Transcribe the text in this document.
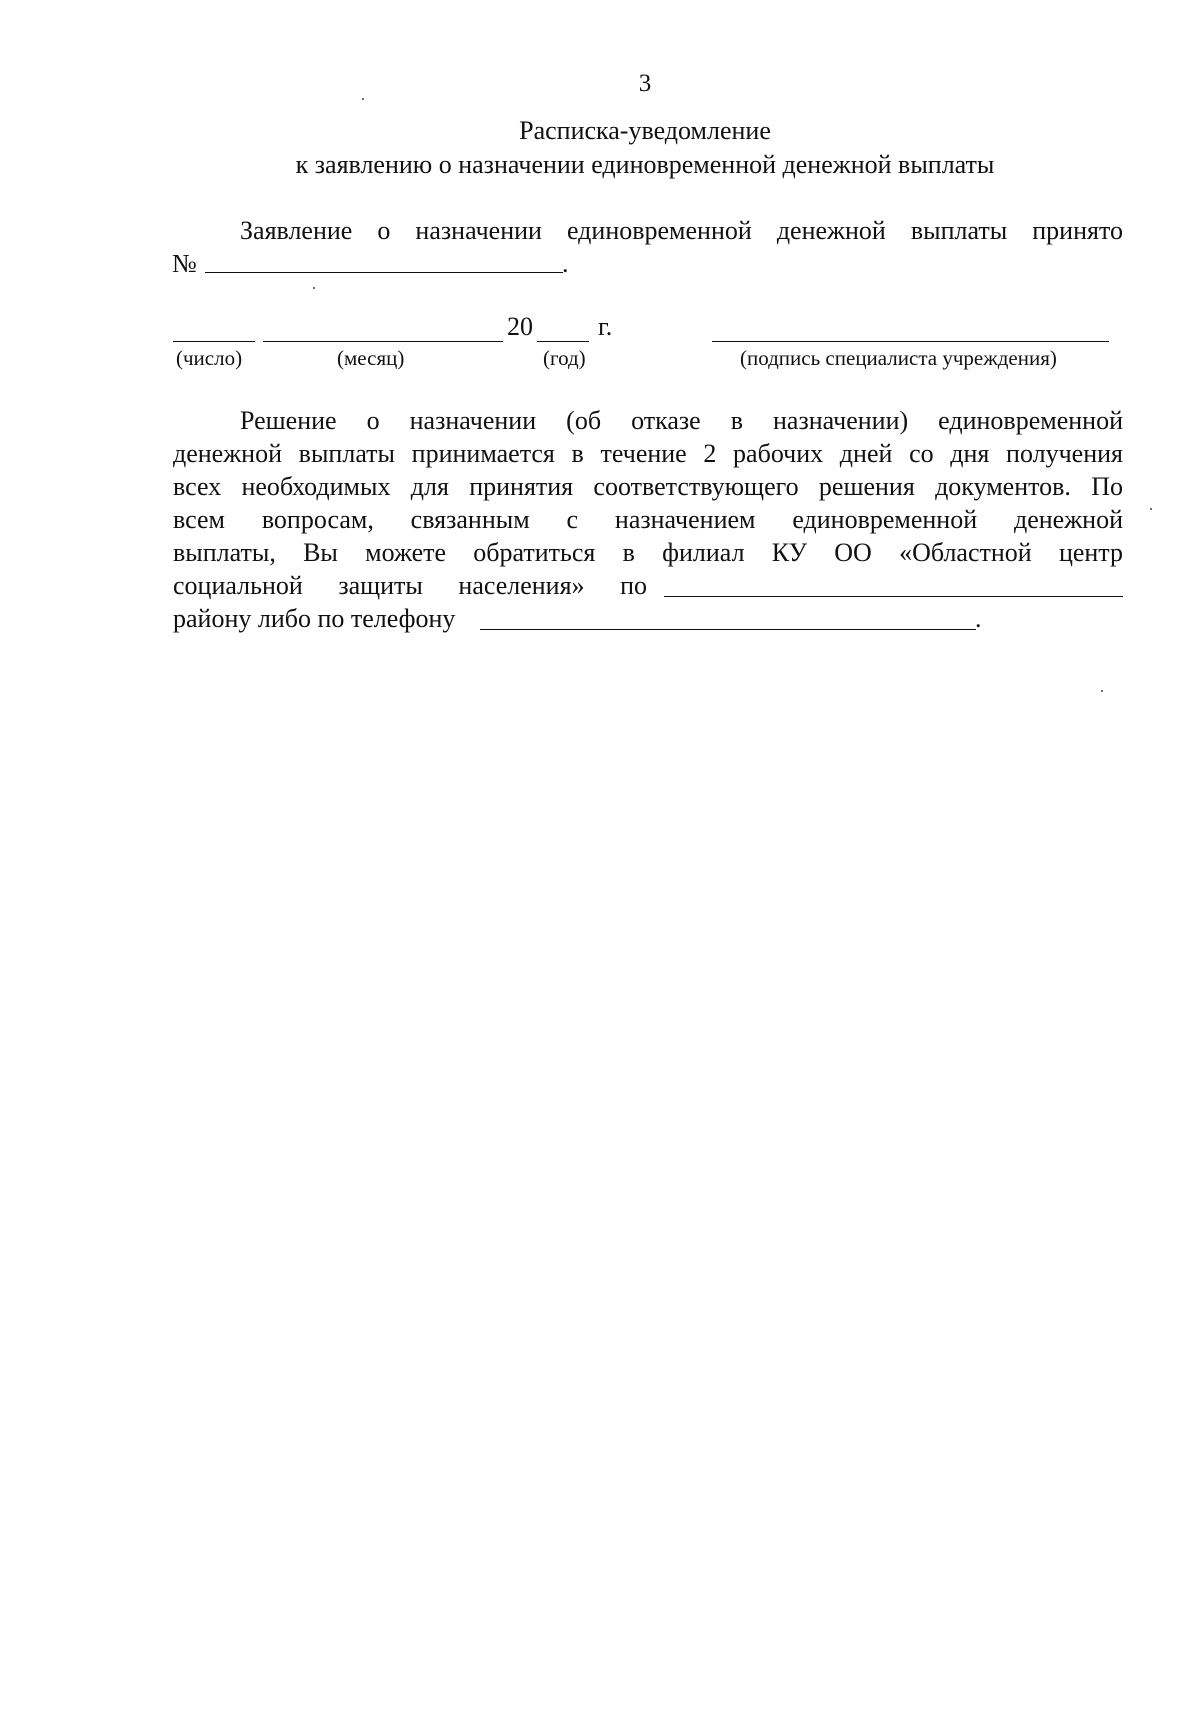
3
Расписка-уведомление
к заявлению о назначении единовременной денежной выплаты
Заявление о назначении единовременной денежной выплаты принято
№	.
20	г.
(число)	(месяц)	(год)	(подпись специалиста учреждения)
Решение о назначении (об отказе в назначении) единовременной
денежной выплаты принимается в течение 2 рабочих дней со дня получения
всех необходимых для принятия соответствующего решения документов. По
всем вопросам, связанным с назначением единовременной денежной
выплаты, Вы можете обратиться в филиал КУ ОО «Областной центр
социальной защиты населения» по
району либо по телефону	.
